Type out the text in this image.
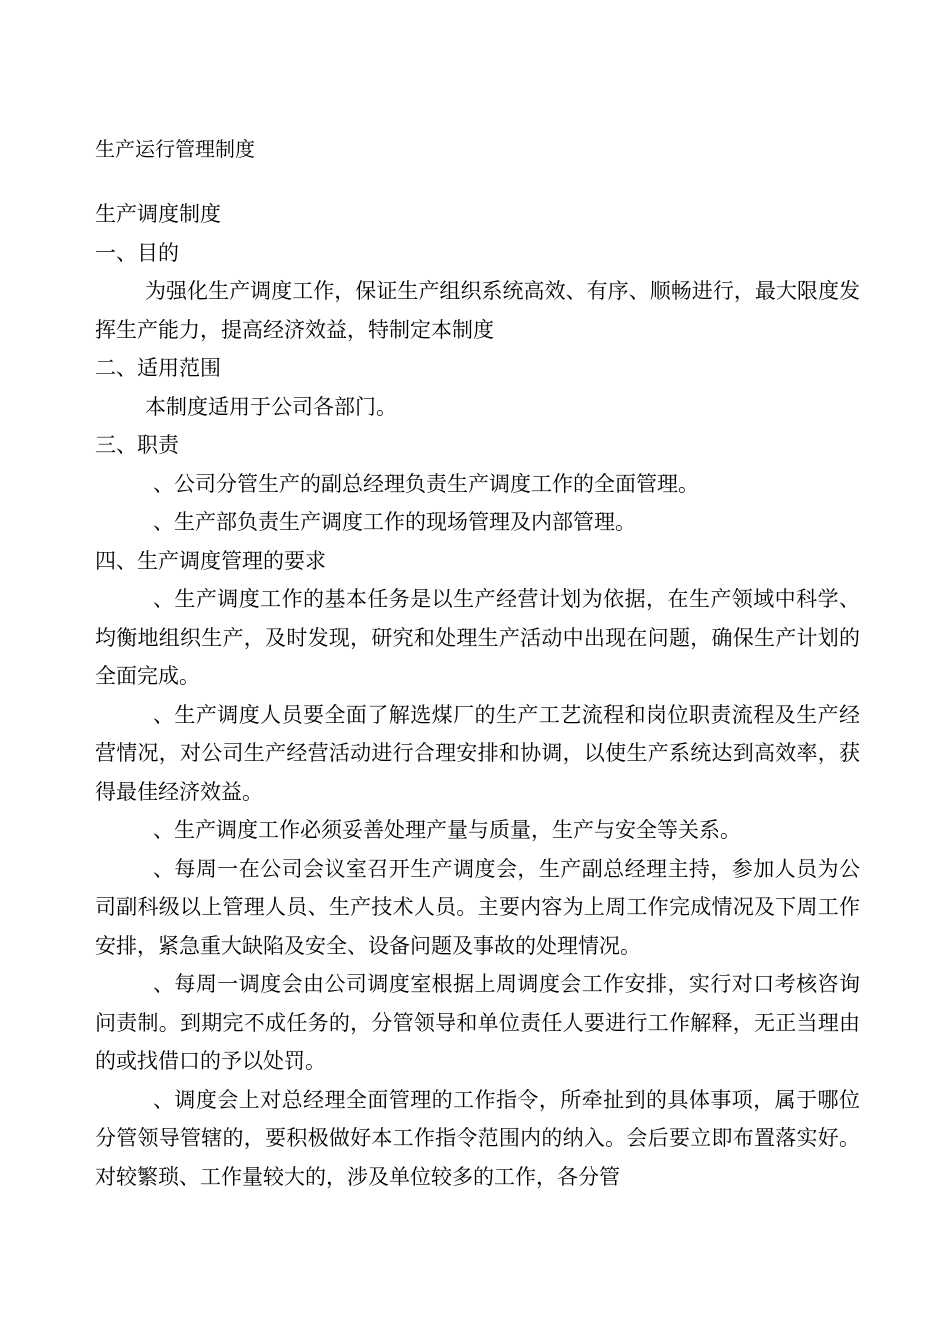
生产运行管理制度

生产调度制度

一、目的

为强化生产调度工作，保证生产组织系统高效、有序、顺畅进行，最大限度发挥生产能力，提高经济效益，特制定本制度

二、适用范围

本制度适用于公司各部门。

三、职责

、公司分管生产的副总经理负责生产调度工作的全面管理。

、生产部负责生产调度工作的现场管理及内部管理。

四、生产调度管理的要求

、生产调度工作的基本任务是以生产经营计划为依据，在生产领域中科学、均衡地组织生产，及时发现，研究和处理生产活动中出现在问题，确保生产计划的全面完成。

、生产调度人员要全面了解选煤厂的生产工艺流程和岗位职责流程及生产经营情况，对公司生产经营活动进行合理安排和协调，以使生产系统达到高效率，获得最佳经济效益。

、生产调度工作必须妥善处理产量与质量，生产与安全等关系。

、每周一在公司会议室召开生产调度会，生产副总经理主持，参加人员为公司副科级以上管理人员、生产技术人员。主要内容为上周工作完成情况及下周工作安排，紧急重大缺陷及安全、设备问题及事故的处理情况。

、每周一调度会由公司调度室根据上周调度会工作安排，实行对口考核咨询问责制。到期完不成任务的，分管领导和单位责任人要进行工作解释，无正当理由的或找借口的予以处罚。

、调度会上对总经理全面管理的工作指令，所牵扯到的具体事项，属于哪位分管领导管辖的，要积极做好本工作指令范围内的纳入。会后要立即布置落实好。对较繁琐、工作量较大的，涉及单位较多的工作，各分管
